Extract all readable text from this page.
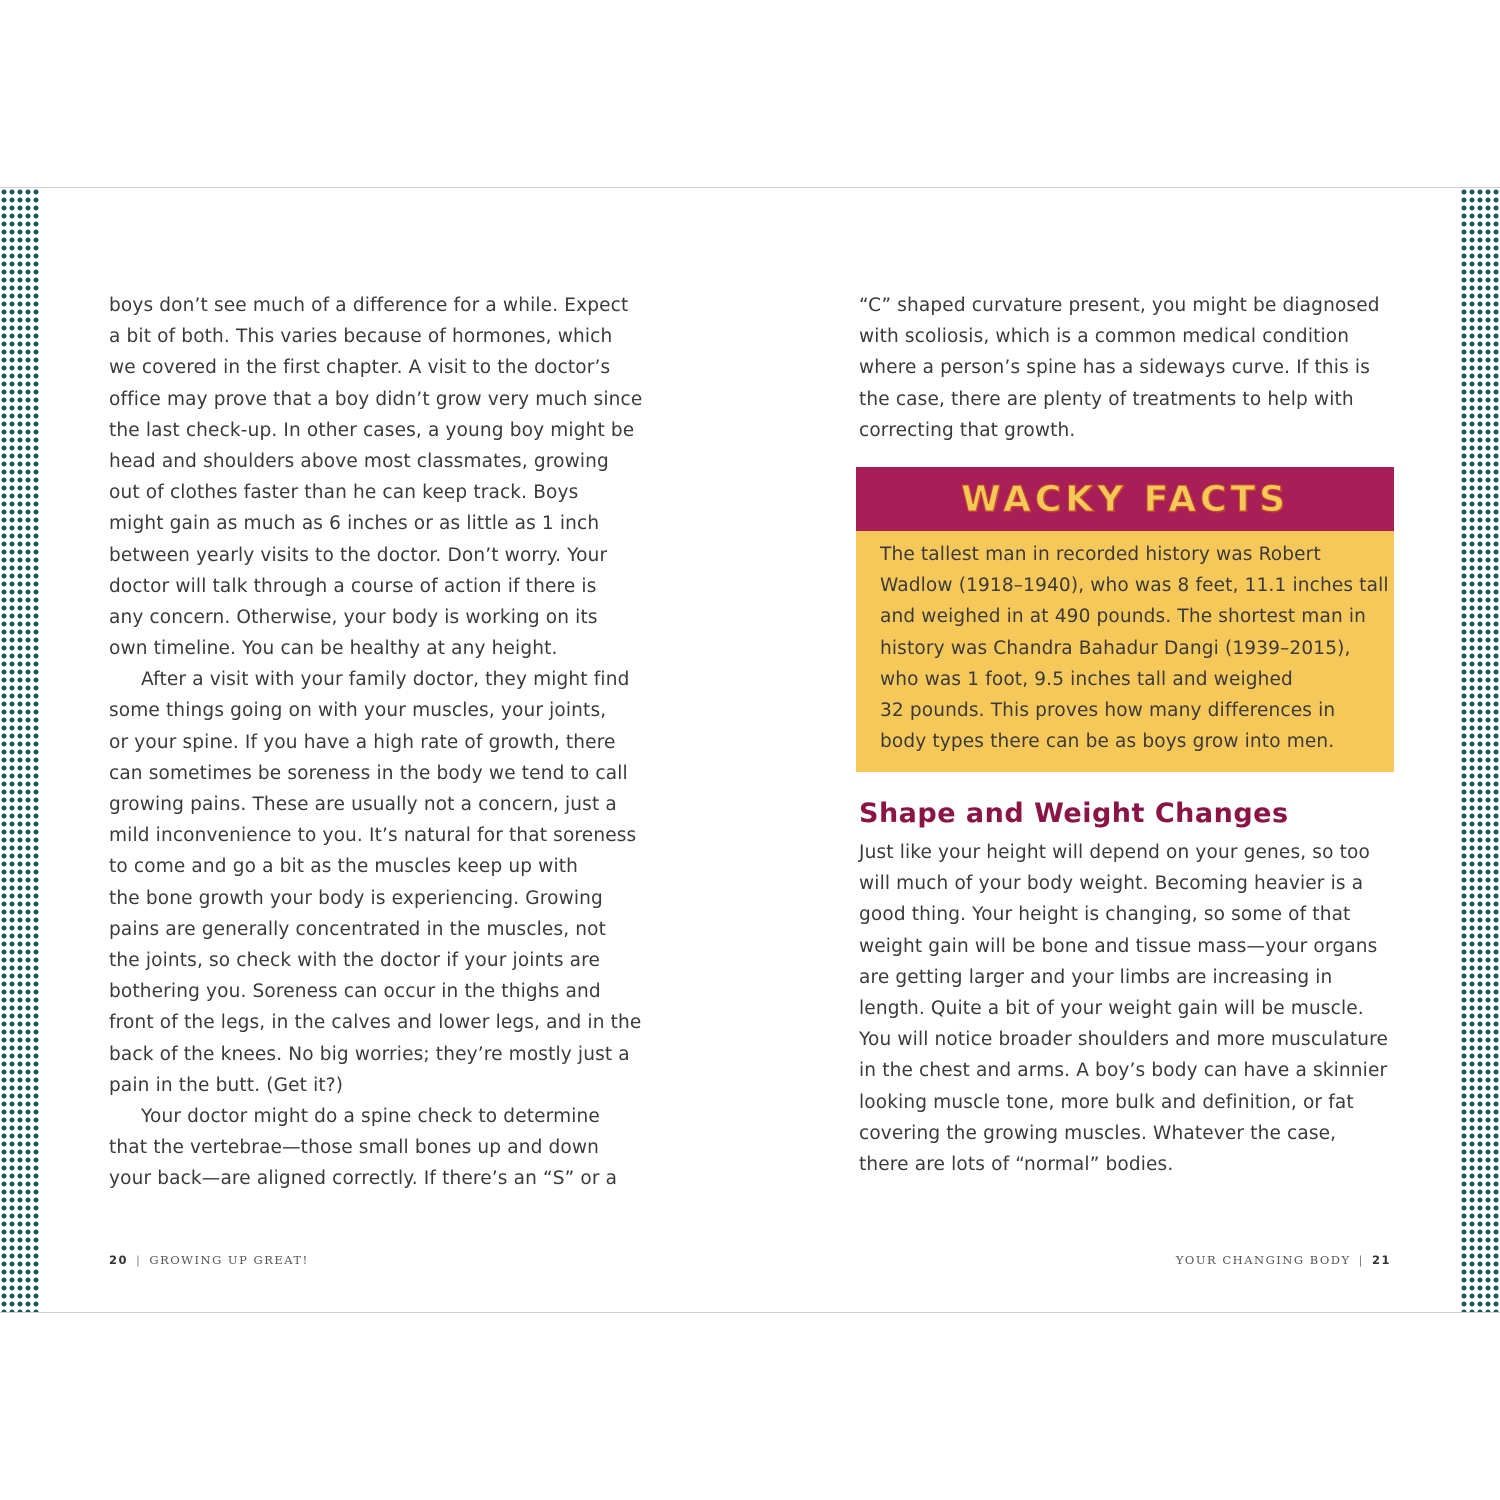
boys don’t see much of a difference for a while. Expect
a bit of both. This varies because of hormones, which
we covered in the first chapter. A visit to the doctor’s
office may prove that a boy didn’t grow very much since
the last check-up. In other cases, a young boy might be
head and shoulders above most classmates, growing
out of clothes faster than he can keep track. Boys
might gain as much as 6 inches or as little as 1 inch
between yearly visits to the doctor. Don’t worry. Your
doctor will talk through a course of action if there is
any concern. Otherwise, your body is working on its
own timeline. You can be healthy at any height.
After a visit with your family doctor, they might find
some things going on with your muscles, your joints,
or your spine. If you have a high rate of growth, there
can sometimes be soreness in the body we tend to call
growing pains. These are usually not a concern, just a
mild inconvenience to you. It’s natural for that soreness
to come and go a bit as the muscles keep up with
the bone growth your body is experiencing. Growing
pains are generally concentrated in the muscles, not
the joints, so check with the doctor if your joints are
bothering you. Soreness can occur in the thighs and
front of the legs, in the calves and lower legs, and in the
back of the knees. No big worries; they’re mostly just a
pain in the butt. (Get it?)
Your doctor might do a spine check to determine
that the vertebrae—those small bones up and down
your back—are aligned correctly. If there’s an “S” or a
“C” shaped curvature present, you might be diagnosed
with scoliosis, which is a common medical condition
where a person’s spine has a sideways curve. If this is
the case, there are plenty of treatments to help with
correcting that growth.
WACKY FACTS
The tallest man in recorded history was Robert
Wadlow (1918–1940), who was 8 feet, 11.1 inches tall
and weighed in at 490 pounds. The shortest man in
history was Chandra Bahadur Dangi (1939–2015),
who was 1 foot, 9.5 inches tall and weighed
32 pounds. This proves how many differences in
body types there can be as boys grow into men.
Shape and Weight Changes
Just like your height will depend on your genes, so too
will much of your body weight. Becoming heavier is a
good thing. Your height is changing, so some of that
weight gain will be bone and tissue mass—your organs
are getting larger and your limbs are increasing in
length. Quite a bit of your weight gain will be muscle.
You will notice broader shoulders and more musculature
in the chest and arms. A boy’s body can have a skinnier
looking muscle tone, more bulk and definition, or fat
covering the growing muscles. Whatever the case,
there are lots of “normal” bodies.
20 | GROWING UP GREAT!	YOUR CHANGING BODY | 21
